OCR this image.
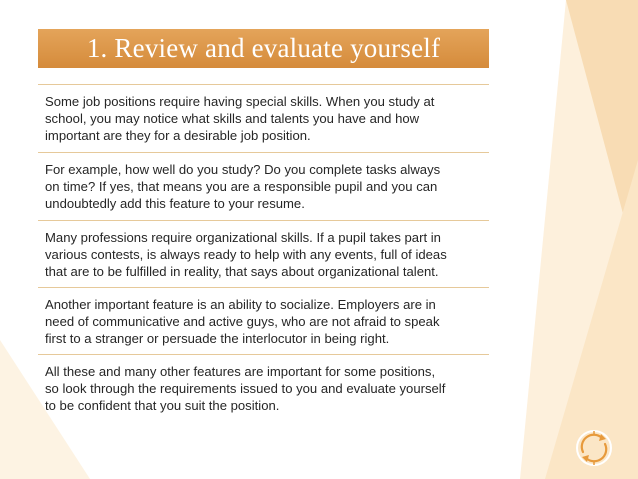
1. Review and evaluate yourself
Some job positions require having special skills. When you study at
school, you may notice what skills and talents you have and how
important are they for a desirable job position.
For example, how well do you study? Do you complete tasks always
on time? If yes, that means you are a responsible pupil and you can
undoubtedly add this feature to your resume.
Many professions require organizational skills. If a pupil takes part in
various contests, is always ready to help with any events, full of ideas
that are to be fulfilled in reality, that says about organizational talent.
Another important feature is an ability to socialize. Employers are in
need of communicative and active guys, who are not afraid to speak
first to a stranger or persuade the interlocutor in being right.
All these and many other features are important for some positions,
so look through the requirements issued to you and evaluate yourself
to be confident that you suit the position.
